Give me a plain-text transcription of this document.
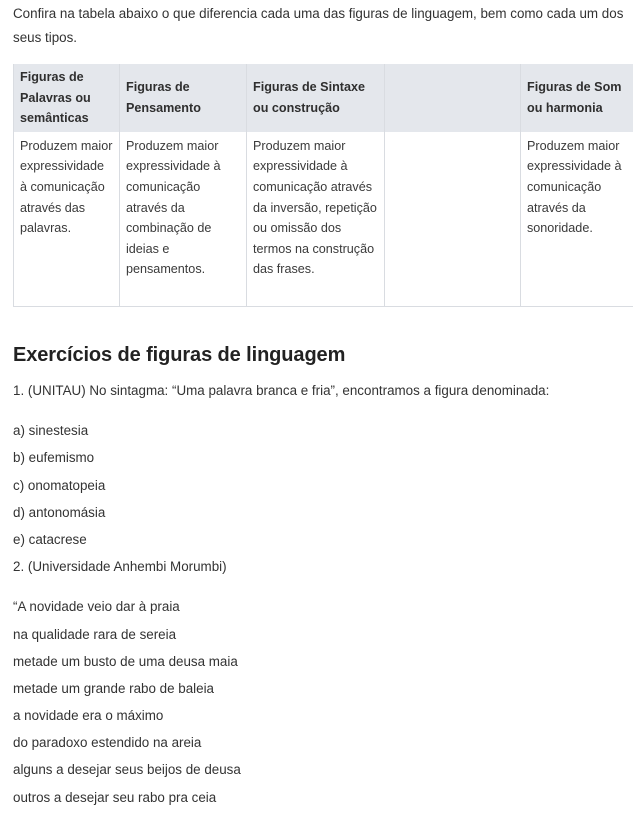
Confira na tabela abaixo o que diferencia cada uma das figuras de linguagem, bem como cada um dos seus tipos.

Figuras de Palavras ou semânticas	Figuras de Pensamento	Figuras de Sintaxe ou construção		Figuras de Som ou harmonia
Produzem maior expressividade à comunicação através das palavras.	Produzem maior expressividade à comunicação através da combinação de ideias e pensamentos.	Produzem maior expressividade à comunicação através da inversão, repetição ou omissão dos termos na construção das frases.		Produzem maior expressividade à comunicação através da sonoridade.
Exercícios de figuras de linguagem
1. (UNITAU) No sintagma: “Uma palavra branca e fria”, encontramos a figura denominada:
a) sinestesia
b) eufemismo
c) onomatopeia
d) antonomásia
e) catacrese
2. (Universidade Anhembi Morumbi)
“A novidade veio dar à praia
na qualidade rara de sereia
metade um busto de uma deusa maia
metade um grande rabo de baleia
a novidade era o máximo
do paradoxo estendido na areia
alguns a desejar seus beijos de deusa
outros a desejar seu rabo pra ceia
